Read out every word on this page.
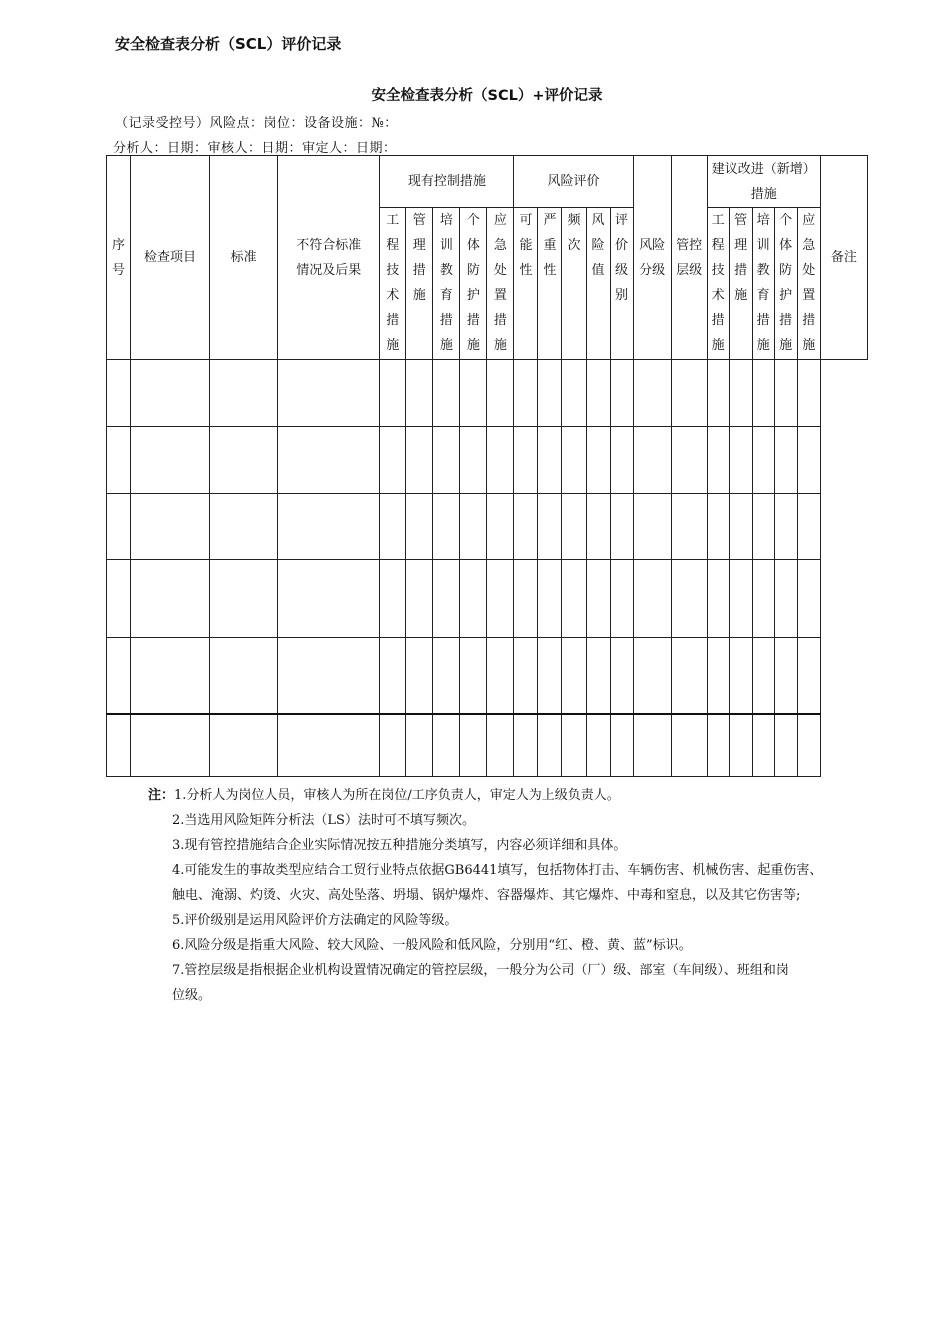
安全检查表分析（SCL）评价记录
安全检查表分析（SCL）+评价记录
（记录受控号）风险点：岗位：设备设施：№：
分析人：日期：审核人：日期：审定人：日期：
序号	检查项目	标准	不符合标准情况及后果	现有控制措施					风险评价					风险分级	管控层级	建议改进（新增）措施					备注
				工程技术措施	管理措施	培训教育措施	个体防护措施	应急处置措施	可能性	严重性	频次	风险值	评价级别			工程技术措施	管理措施	培训教育措施	个体防护措施	应急处置措施	

注：1.分析人为岗位人员，审核人为所在岗位/工序负责人，审定人为上级负责人。
2.当选用风险矩阵分析法（LS）法时可不填写频次。
3.现有管控措施结合企业实际情况按五种措施分类填写，内容必须详细和具体。
4.可能发生的事故类型应结合工贸行业特点依据GB6441填写，包括物体打击、车辆伤害、机械伤害、起重伤害、
触电、淹溺、灼烫、火灾、高处坠落、坍塌、锅炉爆炸、容器爆炸、其它爆炸、中毒和窒息，以及其它伤害等;
5.评价级别是运用风险评价方法确定的风险等级。
6.风险分级是指重大风险、较大风险、一般风险和低风险，分别用“红、橙、黄、蓝”标识。
7.管控层级是指根据企业机构设置情况确定的管控层级，一般分为公司（厂）级、部室（车间级）、班组和岗
位级。
